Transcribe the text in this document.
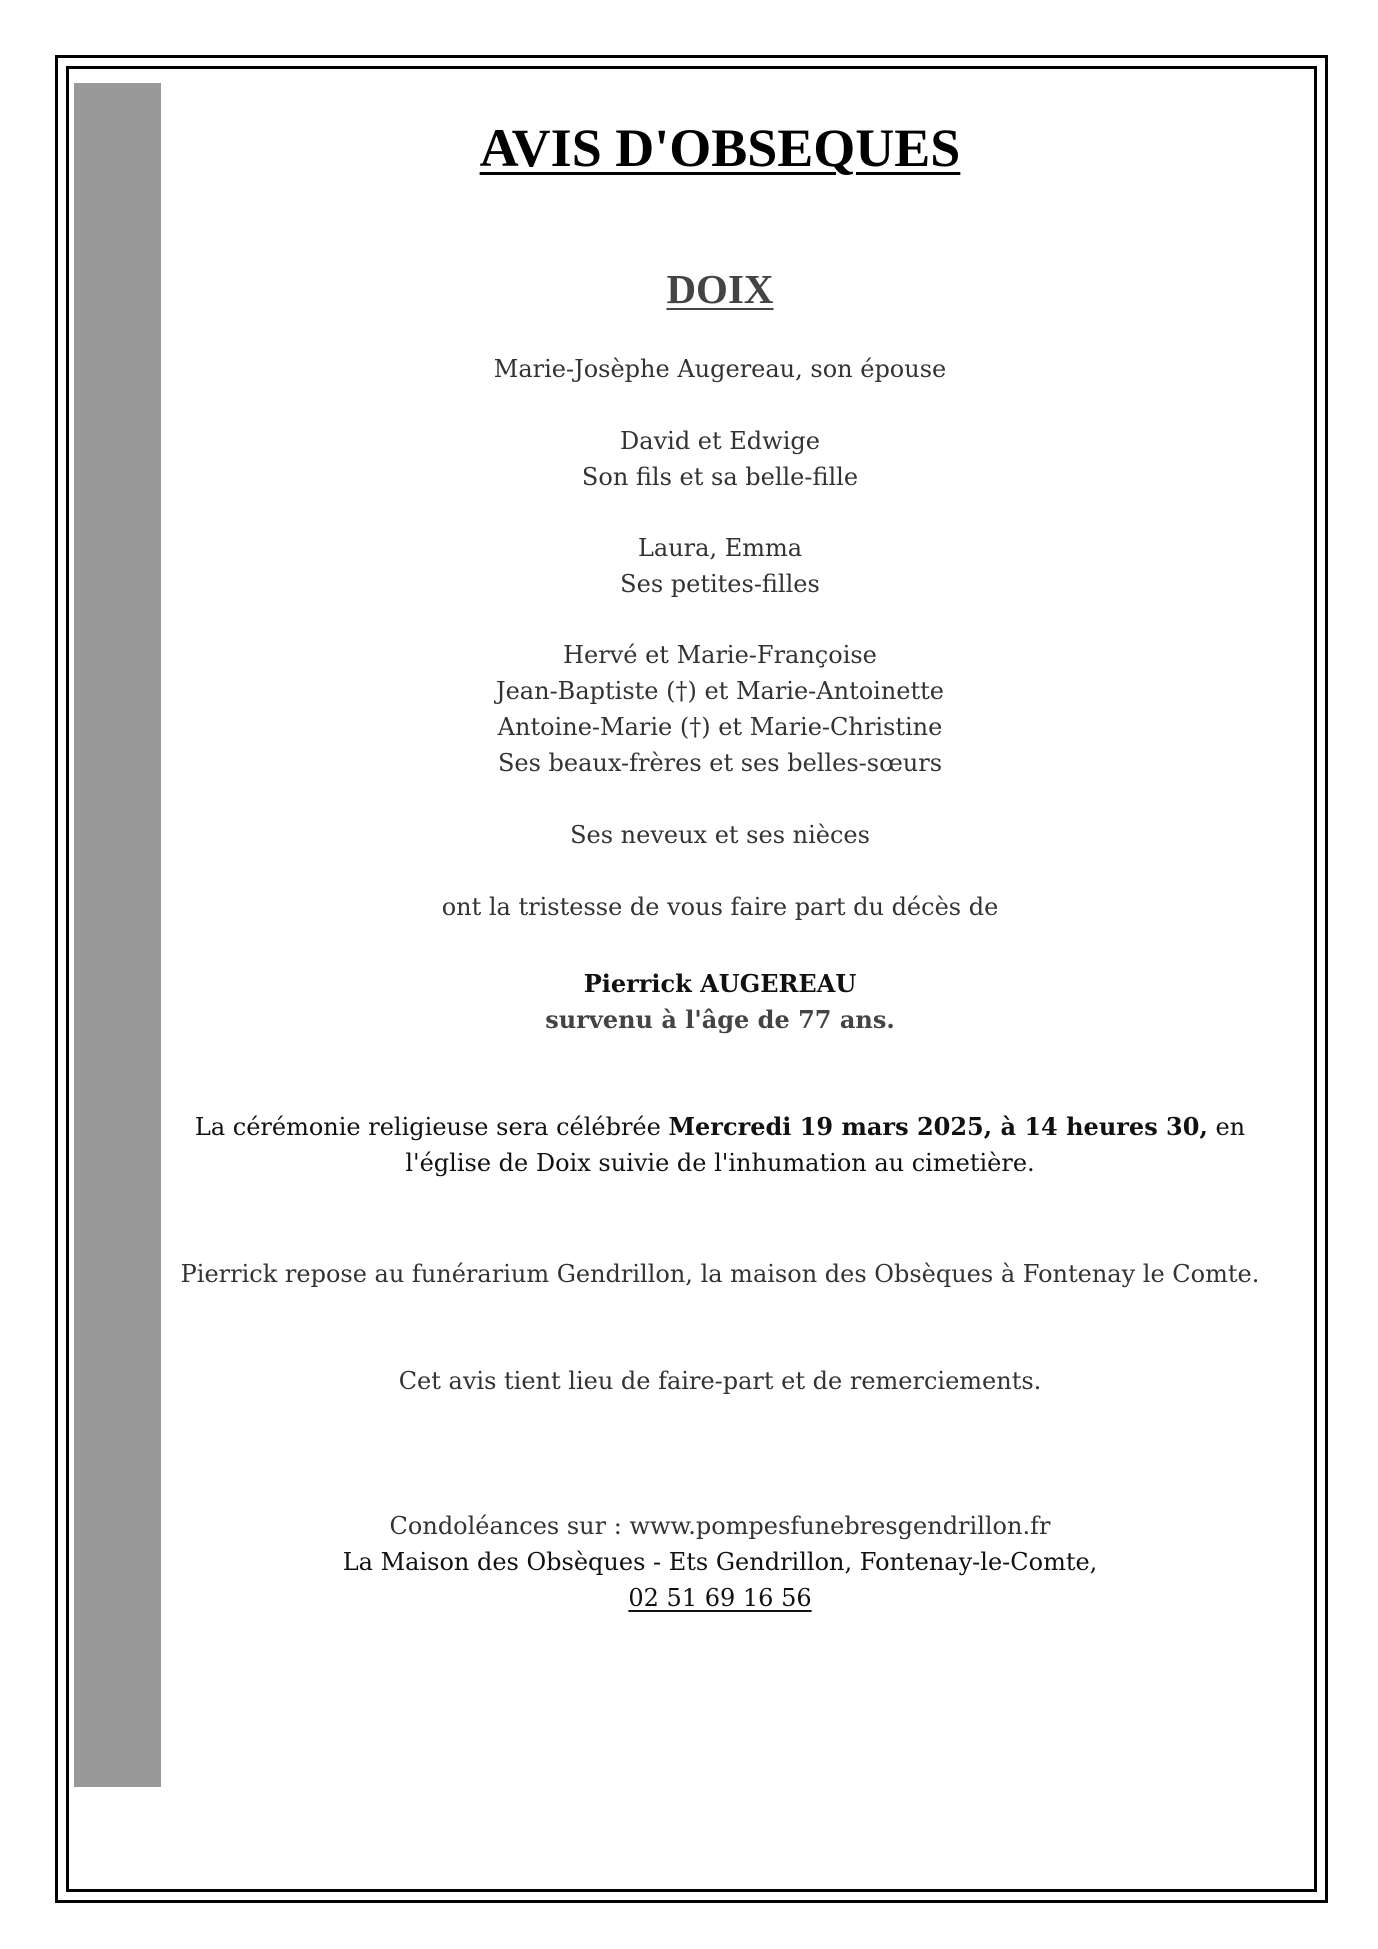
AVIS D'OBSEQUES
DOIX
Marie-Josèphe Augereau, son épouse
David et Edwige
Son fils et sa belle-fille
Laura, Emma
Ses petites-filles
Hervé et Marie-Françoise
Jean-Baptiste (†) et Marie-Antoinette
Antoine-Marie (†) et Marie-Christine
Ses beaux-frères et ses belles-sœurs
Ses neveux et ses nièces
ont la tristesse de vous faire part du décès de
Pierrick AUGEREAU
survenu à l'âge de 77 ans.
La cérémonie religieuse sera célébrée Mercredi 19 mars 2025, à 14 heures 30, en
l'église de Doix suivie de l'inhumation au cimetière.
Pierrick repose au funérarium Gendrillon, la maison des Obsèques à Fontenay le Comte.
Cet avis tient lieu de faire-part et de remerciements.
Condoléances sur : www.pompesfunebresgendrillon.fr
La Maison des Obsèques - Ets Gendrillon, Fontenay-le-Comte,
02 51 69 16 56
